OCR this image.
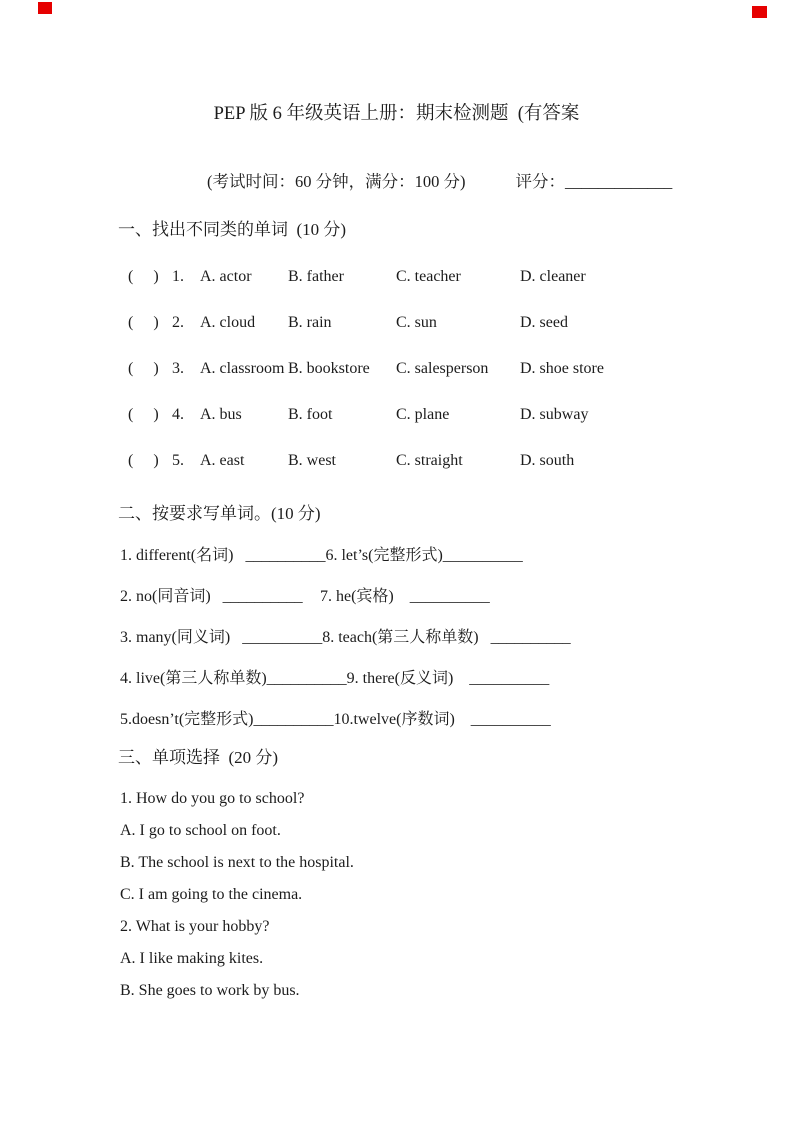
PEP 版 6 年级英语上册：期末检测题  (有答案
(考试时间：60 分钟，满分：100 分)	评分： _____________
一、找出不同类的单词  (10 分)
(     ) 1.	A. actor	B. father	C. teacher	D. cleaner
(     ) 2.	A. cloud	B. rain	C. sun	D. seed
(     ) 3.	A. classroom B. bookstore	C. salesperson	D. shoe store
(     ) 4.	A. bus	B. foot	C. plane	D. subway
(     ) 5.	A. east	B. west	C. straight	D. south
二、按要求写单词。(10 分)
1. different(名词)   __________ 6. let’s(完整形式)__________
2. no(同音词)   __________	7. he(宾格)    __________
3. many(同义词)   __________ 8. teach(第三人称单数)   __________
4. live(第三人称单数)__________ 9. there(反义词)    __________
5.doesn’t(完整形式)__________ 10.twelve(序数词)    __________
三、单项选择  (20 分)
1. How do you go to school?
A. I go to school on foot.
B. The school is next to the hospital.
C. I am going to the cinema.
2. What is your hobby?
A. I like making kites.
B. She goes to work by bus.
